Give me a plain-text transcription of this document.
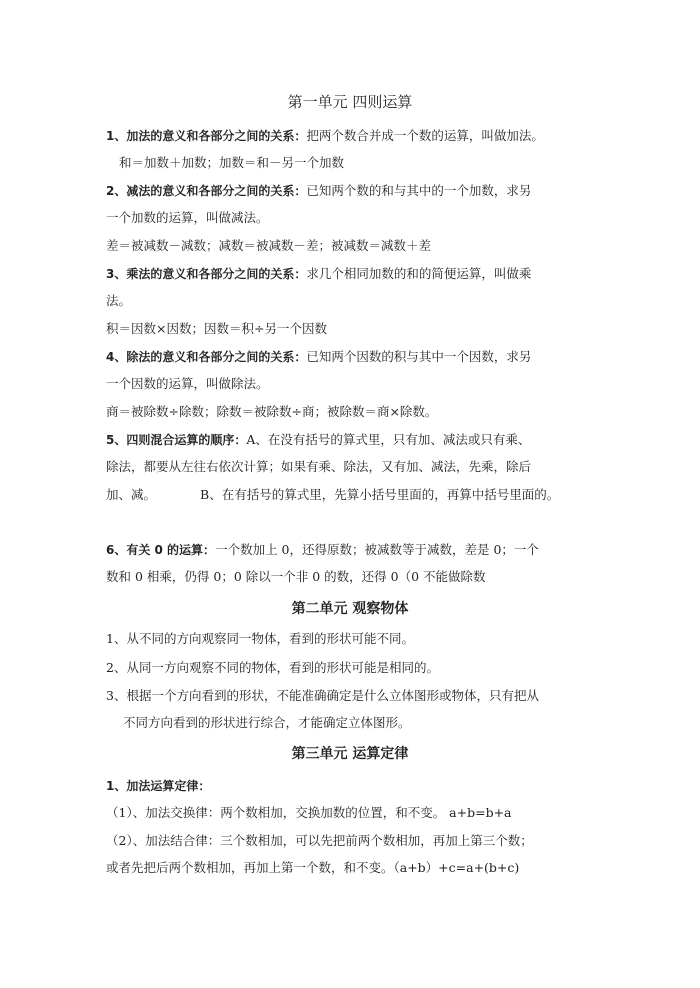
第一单元 四则运算
1、加法的意义和各部分之间的关系：把两个数合并成一个数的运算，叫做加法。
和＝加数＋加数；加数＝和－另一个加数
2、减法的意义和各部分之间的关系：已知两个数的和与其中的一个加数，求另
一个加数的运算，叫做减法。
差＝被减数－减数；减数＝被减数－差；被减数＝减数＋差
3、乘法的意义和各部分之间的关系：求几个相同加数的和的简便运算，叫做乘
法。
积＝因数×因数；因数＝积÷另一个因数
4、除法的意义和各部分之间的关系：已知两个因数的积与其中一个因数，求另
一个因数的运算，叫做除法。
商＝被除数÷除数；除数＝被除数÷商；被除数＝商×除数。
5、四则混合运算的顺序：A、在没有括号的算式里，只有加、减法或只有乘、
除法，都要从左往右依次计算；如果有乘、除法，又有加、减法，先乘，除后
加、减。	B、在有括号的算式里，先算小括号里面的，再算中括号里面的。
6、有关 0 的运算：一个数加上 0，还得原数；被减数等于减数，差是 0；一个
数和 0 相乘，仍得 0；0 除以一个非 0 的数，还得 0（0 不能做除数
第二单元 观察物体
1、从不同的方向观察同一物体，看到的形状可能不同。
2、从同一方向观察不同的物体，看到的形状可能是相同的。
3、根据一个方向看到的形状，不能准确确定是什么立体图形或物体，只有把从
不同方向看到的形状进行综合，才能确定立体图形。
第三单元 运算定律
1、加法运算定律：
（1）、加法交换律：两个数相加，交换加数的位置，和不变。 a+b=b+a
（2）、加法结合律：三个数相加，可以先把前两个数相加，再加上第三个数；
或者先把后两个数相加，再加上第一个数，和不变。（a+b）+c=a+(b+c)
